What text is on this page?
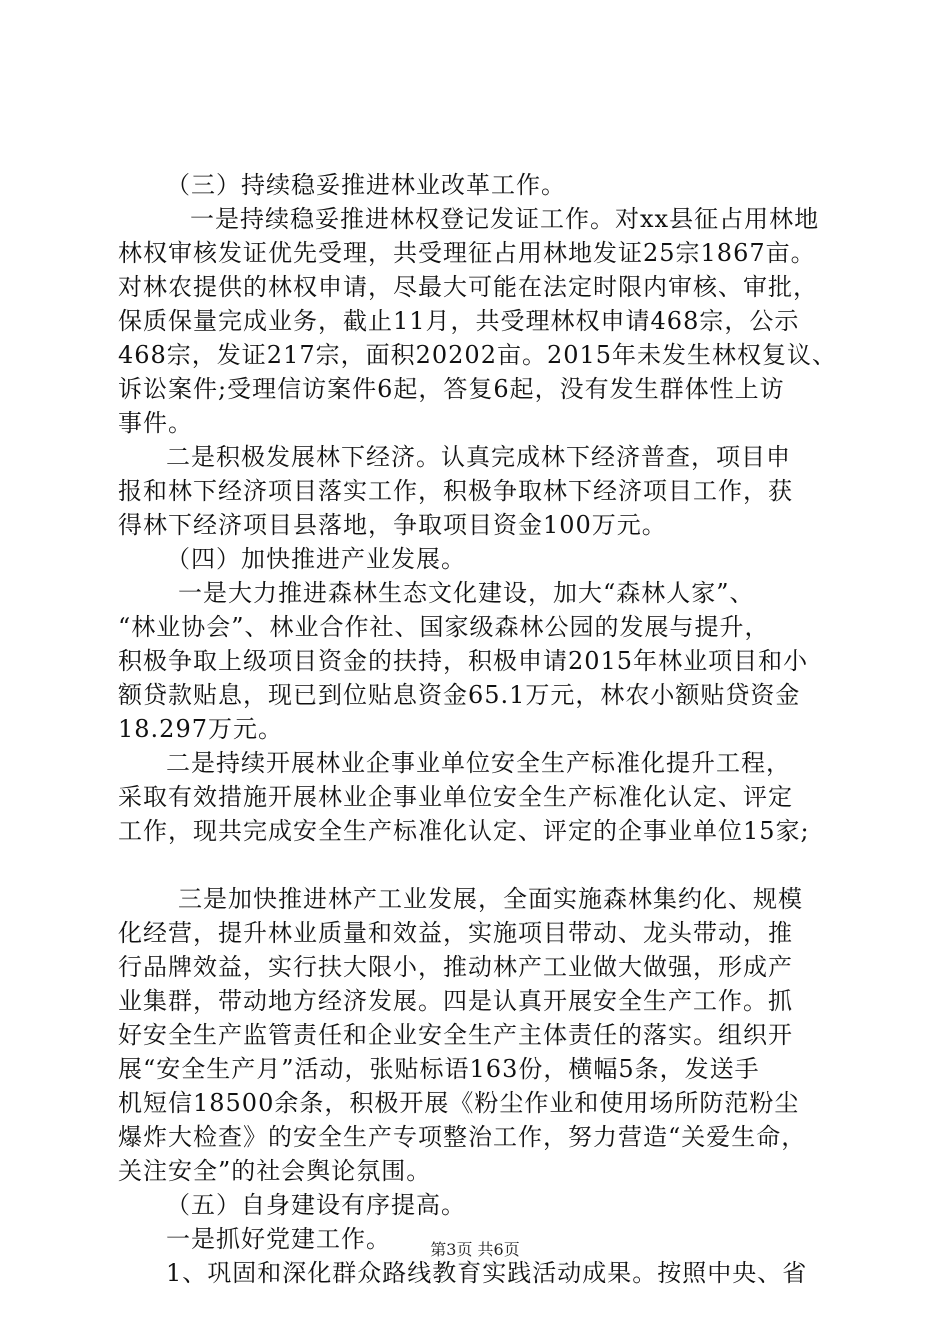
（三）持续稳妥推进林业改革工作。
一是持续稳妥推进林权登记发证工作。对xx县征占用林地
林权审核发证优先受理，共受理征占用林地发证25宗1867亩。
对林农提供的林权申请，尽最大可能在法定时限内审核、审批，
保质保量完成业务，截止11月，共受理林权申请468宗，公示
468宗，发证217宗，面积20202亩。2015年未发生林权复议、
诉讼案件;受理信访案件6起，答复6起，没有发生群体性上访
事件。
二是积极发展林下经济。认真完成林下经济普查，项目申
报和林下经济项目落实工作，积极争取林下经济项目工作，获
得林下经济项目县落地，争取项目资金100万元。
（四）加快推进产业发展。
一是大力推进森林生态文化建设，加大“森林人家”、
“林业协会”、林业合作社、国家级森林公园的发展与提升，
积极争取上级项目资金的扶持，积极申请2015年林业项目和小
额贷款贴息，现已到位贴息资金65.1万元，林农小额贴贷资金
18.297万元。
二是持续开展林业企事业单位安全生产标准化提升工程，
采取有效措施开展林业企事业单位安全生产标准化认定、评定
工作，现共完成安全生产标准化认定、评定的企事业单位15家;
三是加快推进林产工业发展，全面实施森林集约化、规模
化经营，提升林业质量和效益，实施项目带动、龙头带动，推
行品牌效益，实行扶大限小，推动林产工业做大做强，形成产
业集群，带动地方经济发展。四是认真开展安全生产工作。抓
好安全生产监管责任和企业安全生产主体责任的落实。组织开
展“安全生产月”活动，张贴标语163份，横幅5条，发送手
机短信18500余条，积极开展《粉尘作业和使用场所防范粉尘
爆炸大检查》的安全生产专项整治工作，努力营造“关爱生命，
关注安全”的社会舆论氛围。
（五）自身建设有序提高。
一是抓好党建工作。
1、巩固和深化群众路线教育实践活动成果。按照中央、省
第3页 共6页
